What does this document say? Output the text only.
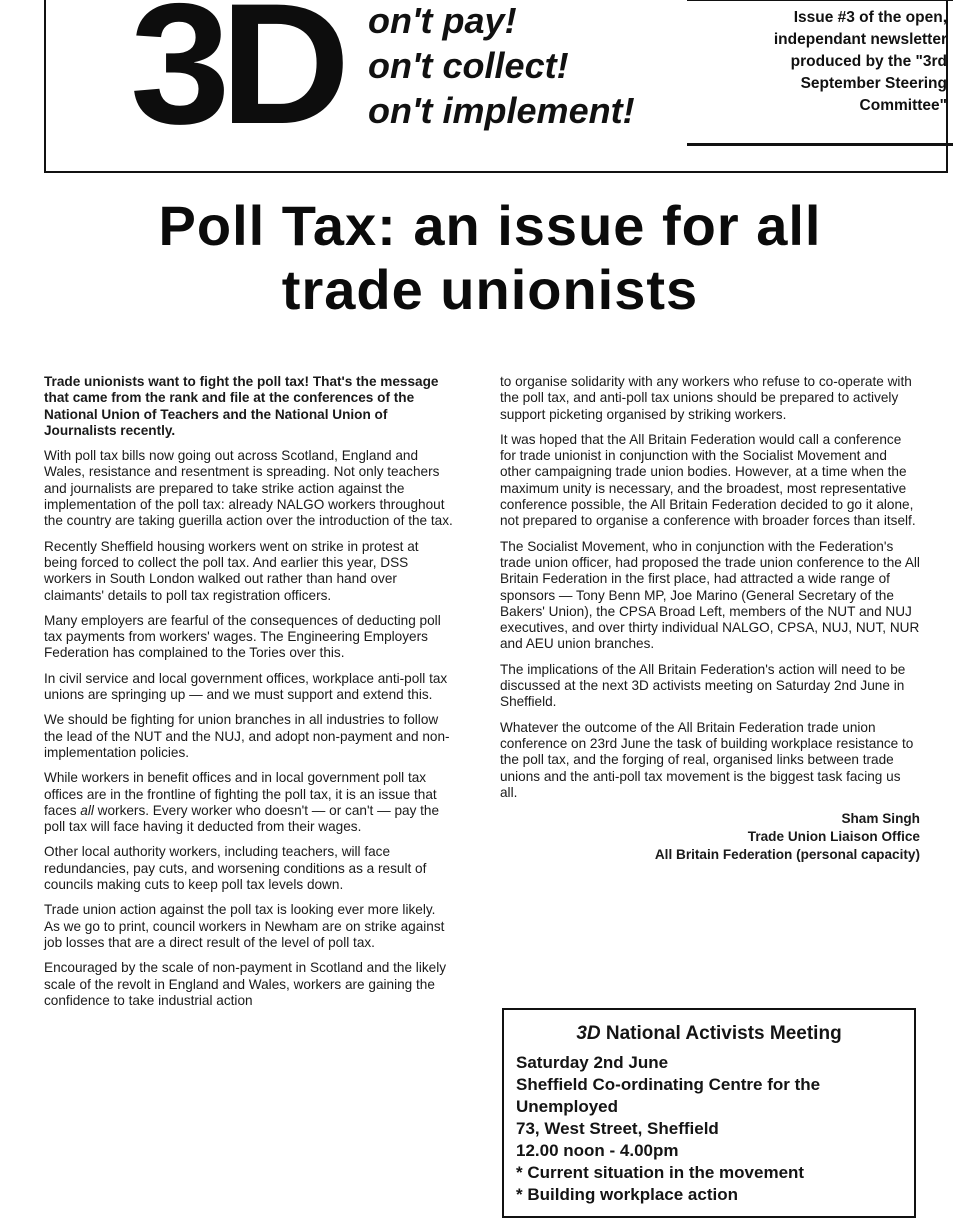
3D on't pay!
on't collect!
on't implement!
Issue #3 of the open,
independant newsletter
produced by the "3rd
September Steering
Committee"
Poll Tax: an issue for all
trade unionists

Trade unionists want to fight the poll tax! That's the message that came from the rank and file at the conferences of the National Union of Teachers and the National Union of Journalists recently.

With poll tax bills now going out across Scotland, England and Wales, resistance and resentment is spreading. Not only teachers and journalists are prepared to take strike action against the implementation of the poll tax: already NALGO workers throughout the country are taking guerilla action over the introduction of the tax.

Recently Sheffield housing workers went on strike in protest at being forced to collect the poll tax. And earlier this year, DSS workers in South London walked out rather than hand over claimants' details to poll tax registration officers.

Many employers are fearful of the consequences of deducting poll tax payments from workers' wages. The Engineering Employers Federation has complained to the Tories over this.

In civil service and local government offices, workplace anti-poll tax unions are springing up — and we must support and extend this.

We should be fighting for union branches in all industries to follow the lead of the NUT and the NUJ, and adopt non-payment and non-implementation policies.

While workers in benefit offices and in local government poll tax offices are in the frontline of fighting the poll tax, it is an issue that faces all workers. Every worker who doesn't — or can't — pay the poll tax will face having it deducted from their wages.

Other local authority workers, including teachers, will face redundancies, pay cuts, and worsening conditions as a result of councils making cuts to keep poll tax levels down.

Trade union action against the poll tax is looking ever more likely. As we go to print, council workers in Newham are on strike against job losses that are a direct result of the level of poll tax.

Encouraged by the scale of non-payment in Scotland and the likely scale of the revolt in England and Wales, workers are gaining the confidence to take industrial action

to organise solidarity with any workers who refuse to co-operate with the poll tax, and anti-poll tax unions should be prepared to actively support picketing organised by striking workers.

It was hoped that the All Britain Federation would call a conference for trade unionist in conjunction with the Socialist Movement and other campaigning trade union bodies. However, at a time when the maximum unity is necessary, and the broadest, most representative conference possible, the All Britain Federation decided to go it alone, not prepared to organise a conference with broader forces than itself.

The Socialist Movement, who in conjunction with the Federation's trade union officer, had proposed the trade union conference to the All Britain Federation in the first place, had attracted a wide range of sponsors — Tony Benn MP, Joe Marino (General Secretary of the Bakers' Union), the CPSA Broad Left, members of the NUT and NUJ executives, and over thirty individual NALGO, CPSA, NUJ, NUT, NUR and AEU union branches.

The implications of the All Britain Federation's action will need to be discussed at the next 3D activists meeting on Saturday 2nd June in Sheffield.

Whatever the outcome of the All Britain Federation trade union conference on 23rd June the task of building workplace resistance to the poll tax, and the forging of real, organised links between trade unions and the anti-poll tax movement is the biggest task facing us all.

Sham Singh
Trade Union Liaison Office
All Britain Federation (personal capacity)
3D National Activists Meeting
Saturday 2nd June
Sheffield Co-ordinating Centre for the
Unemployed
73, West Street, Sheffield
12.00 noon - 4.00pm
* Current situation in the movement
* Building workplace action
